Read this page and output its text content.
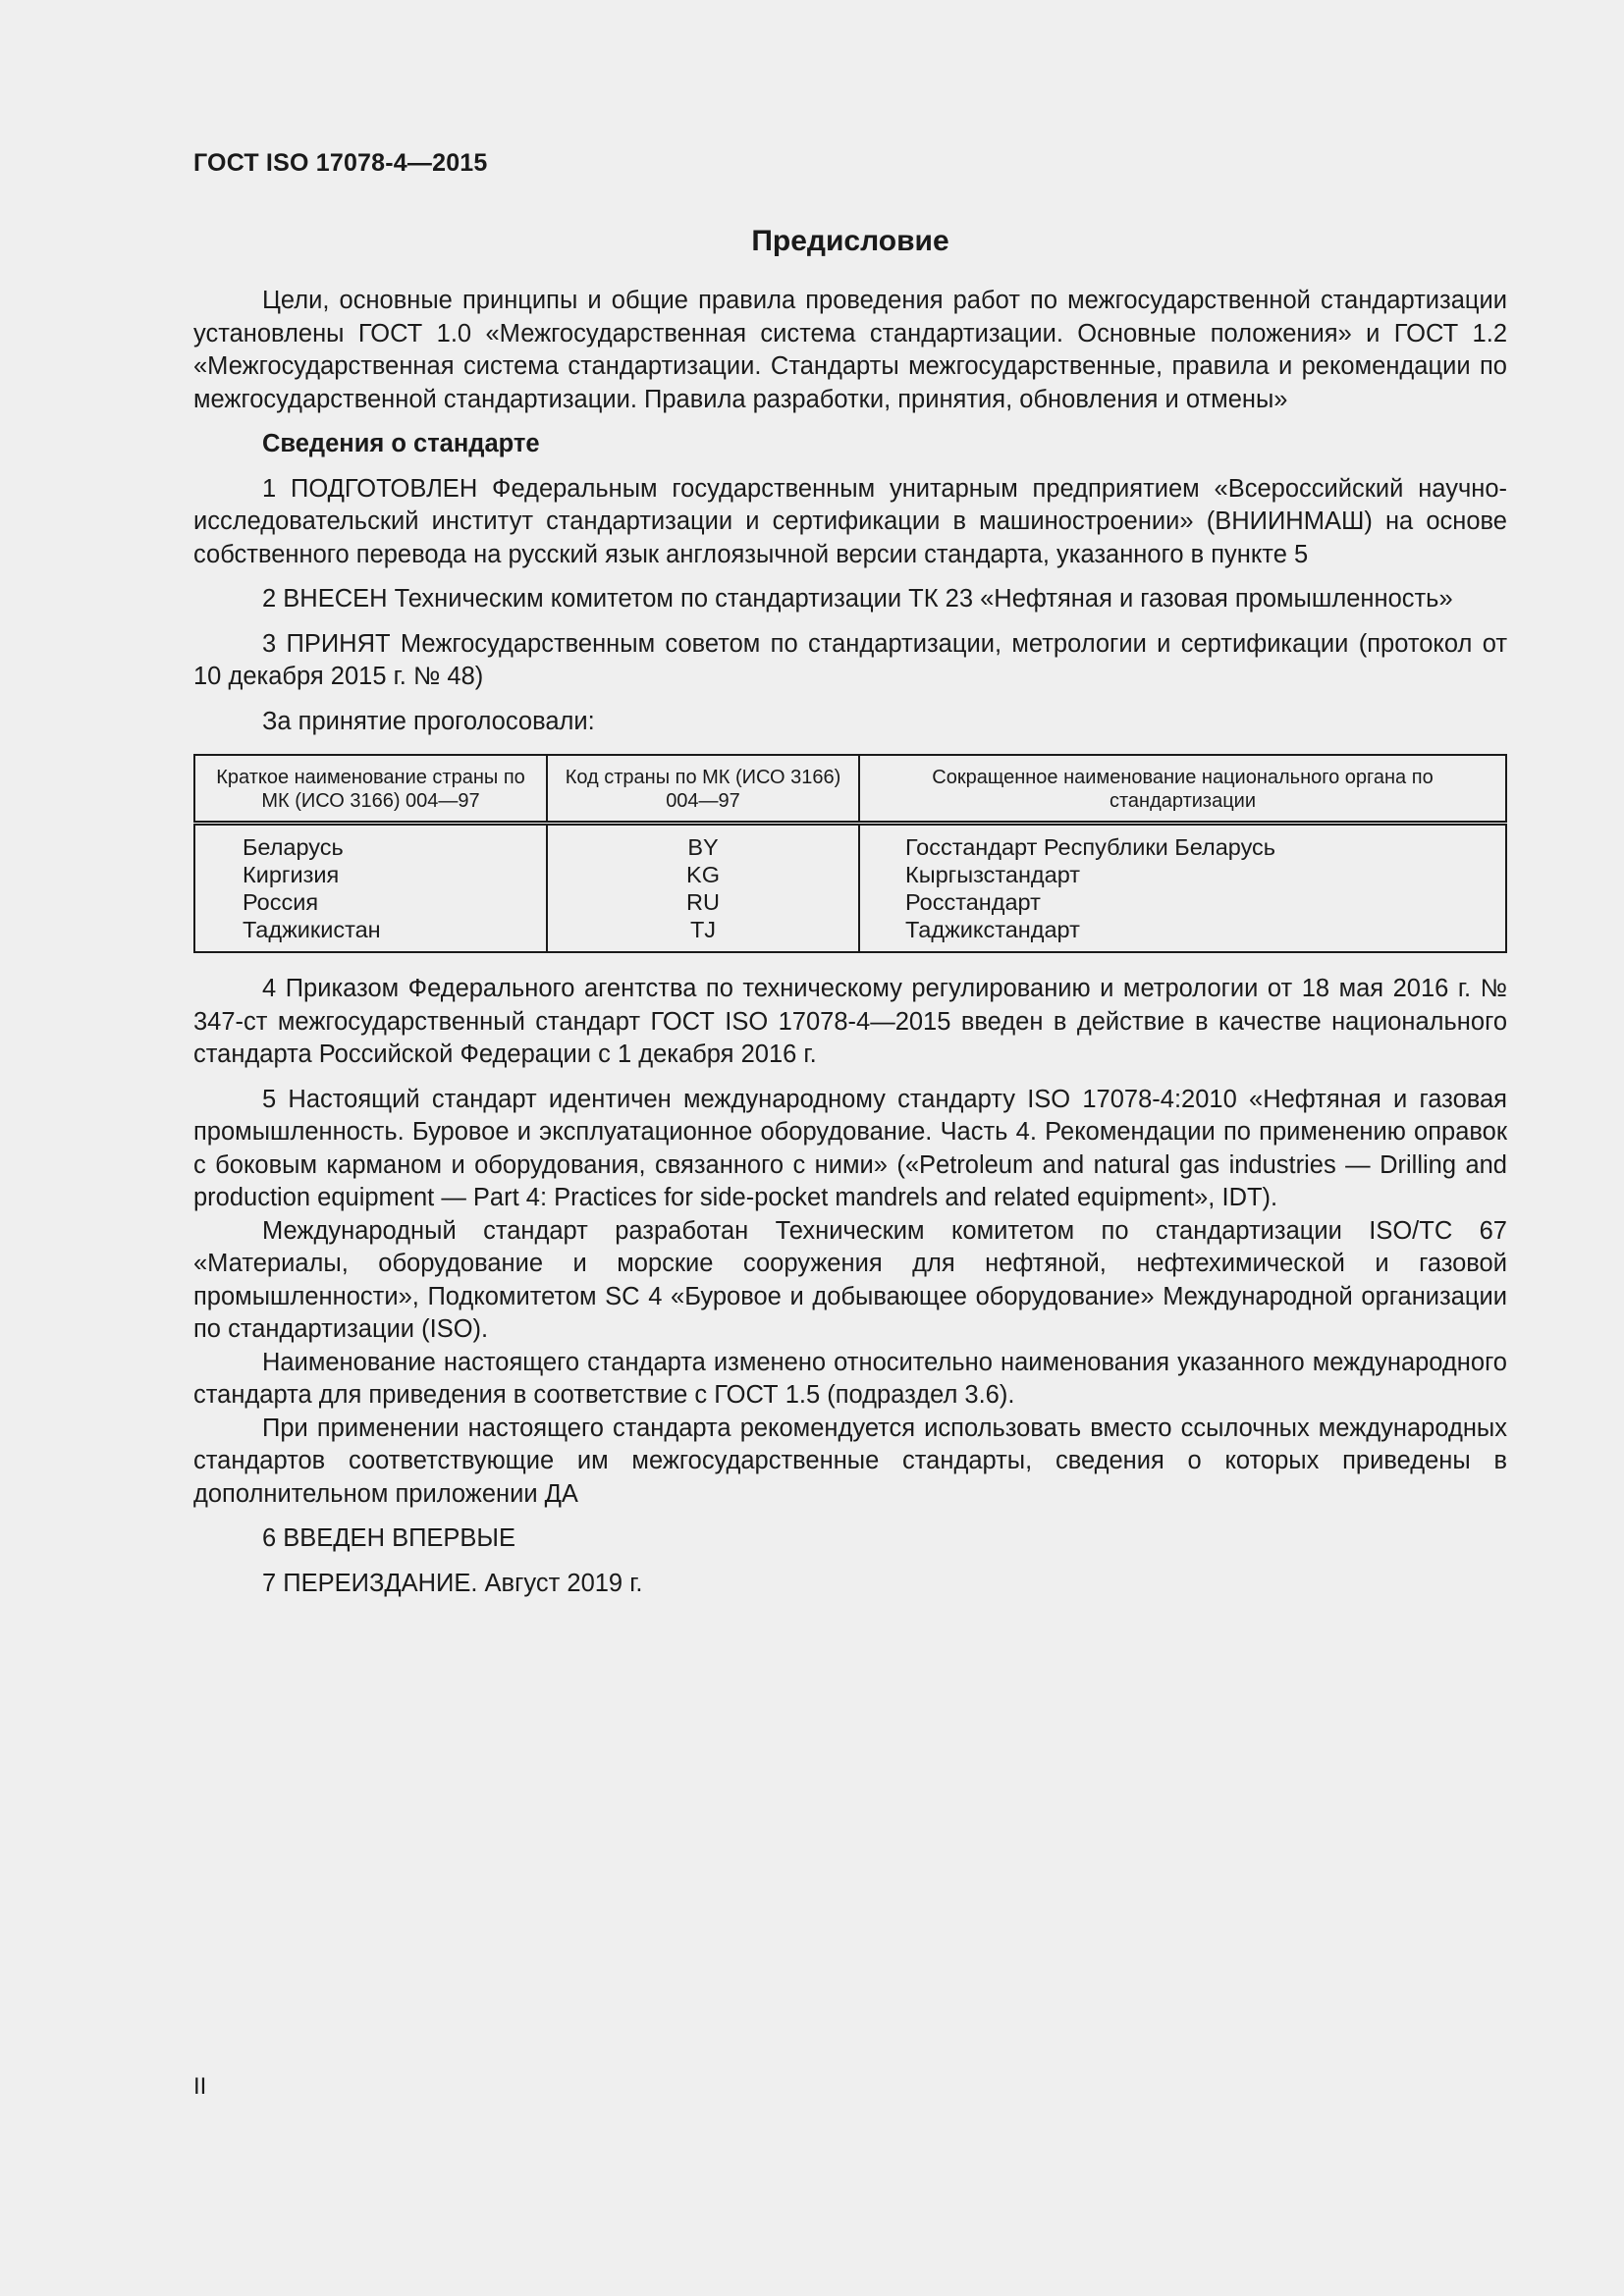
ГОСТ ISO 17078-4—2015
Предисловие

Цели, основные принципы и общие правила проведения работ по межгосударственной стандартизации установлены ГОСТ 1.0 «Межгосударственная система стандартизации. Основные положения» и ГОСТ 1.2 «Межгосударственная система стандартизации. Стандарты межгосударственные, правила и рекомендации по межгосударственной стандартизации. Правила разработки, принятия, обновления и отмены»

Сведения о стандарте

1 ПОДГОТОВЛЕН Федеральным государственным унитарным предприятием «Всероссийский научно-исследовательский институт стандартизации и сертификации в машиностроении» (ВНИИНМАШ) на основе собственного перевода на русский язык англоязычной версии стандарта, указанного в пункте 5

2 ВНЕСЕН Техническим комитетом по стандартизации ТК 23 «Нефтяная и газовая промышленность»

3 ПРИНЯТ Межгосударственным советом по стандартизации, метрологии и сертификации (протокол от 10 декабря 2015 г. № 48)

За принятие проголосовали:

Краткое наименование страны по МК (ИСО 3166) 004—97	Код страны по МК (ИСО 3166) 004—97	Сокращенное наименование национального органа по стандартизации
Беларусь	BY	Госстандарт Республики Беларусь
Киргизия	KG	Кыргызстандарт
Россия	RU	Росстандарт
Таджикистан	TJ	Таджикстандарт

4 Приказом Федерального агентства по техническому регулированию и метрологии от 18 мая 2016 г. № 347-ст межгосударственный стандарт ГОСТ ISO 17078-4—2015 введен в действие в качестве национального стандарта Российской Федерации с 1 декабря 2016 г.

5 Настоящий стандарт идентичен международному стандарту ISO 17078-4:2010 «Нефтяная и газовая промышленность. Буровое и эксплуатационное оборудование. Часть 4. Рекомендации по применению оправок с боковым карманом и оборудования, связанного с ними» («Petroleum and natural gas industries — Drilling and production equipment — Part 4: Practices for side-pocket mandrels and related equipment», IDT).

Международный стандарт разработан Техническим комитетом по стандартизации ISO/TC 67 «Материалы, оборудование и морские сооружения для нефтяной, нефтехимической и газовой промышленности», Подкомитетом SC 4 «Буровое и добывающее оборудование» Международной организации по стандартизации (ISO).

Наименование настоящего стандарта изменено относительно наименования указанного международного стандарта для приведения в соответствие с ГОСТ 1.5 (подраздел 3.6).

При применении настоящего стандарта рекомендуется использовать вместо ссылочных международных стандартов соответствующие им межгосударственные стандарты, сведения о которых приведены в дополнительном приложении ДА

6 ВВЕДЕН ВПЕРВЫЕ

7 ПЕРЕИЗДАНИЕ. Август 2019 г.

II
